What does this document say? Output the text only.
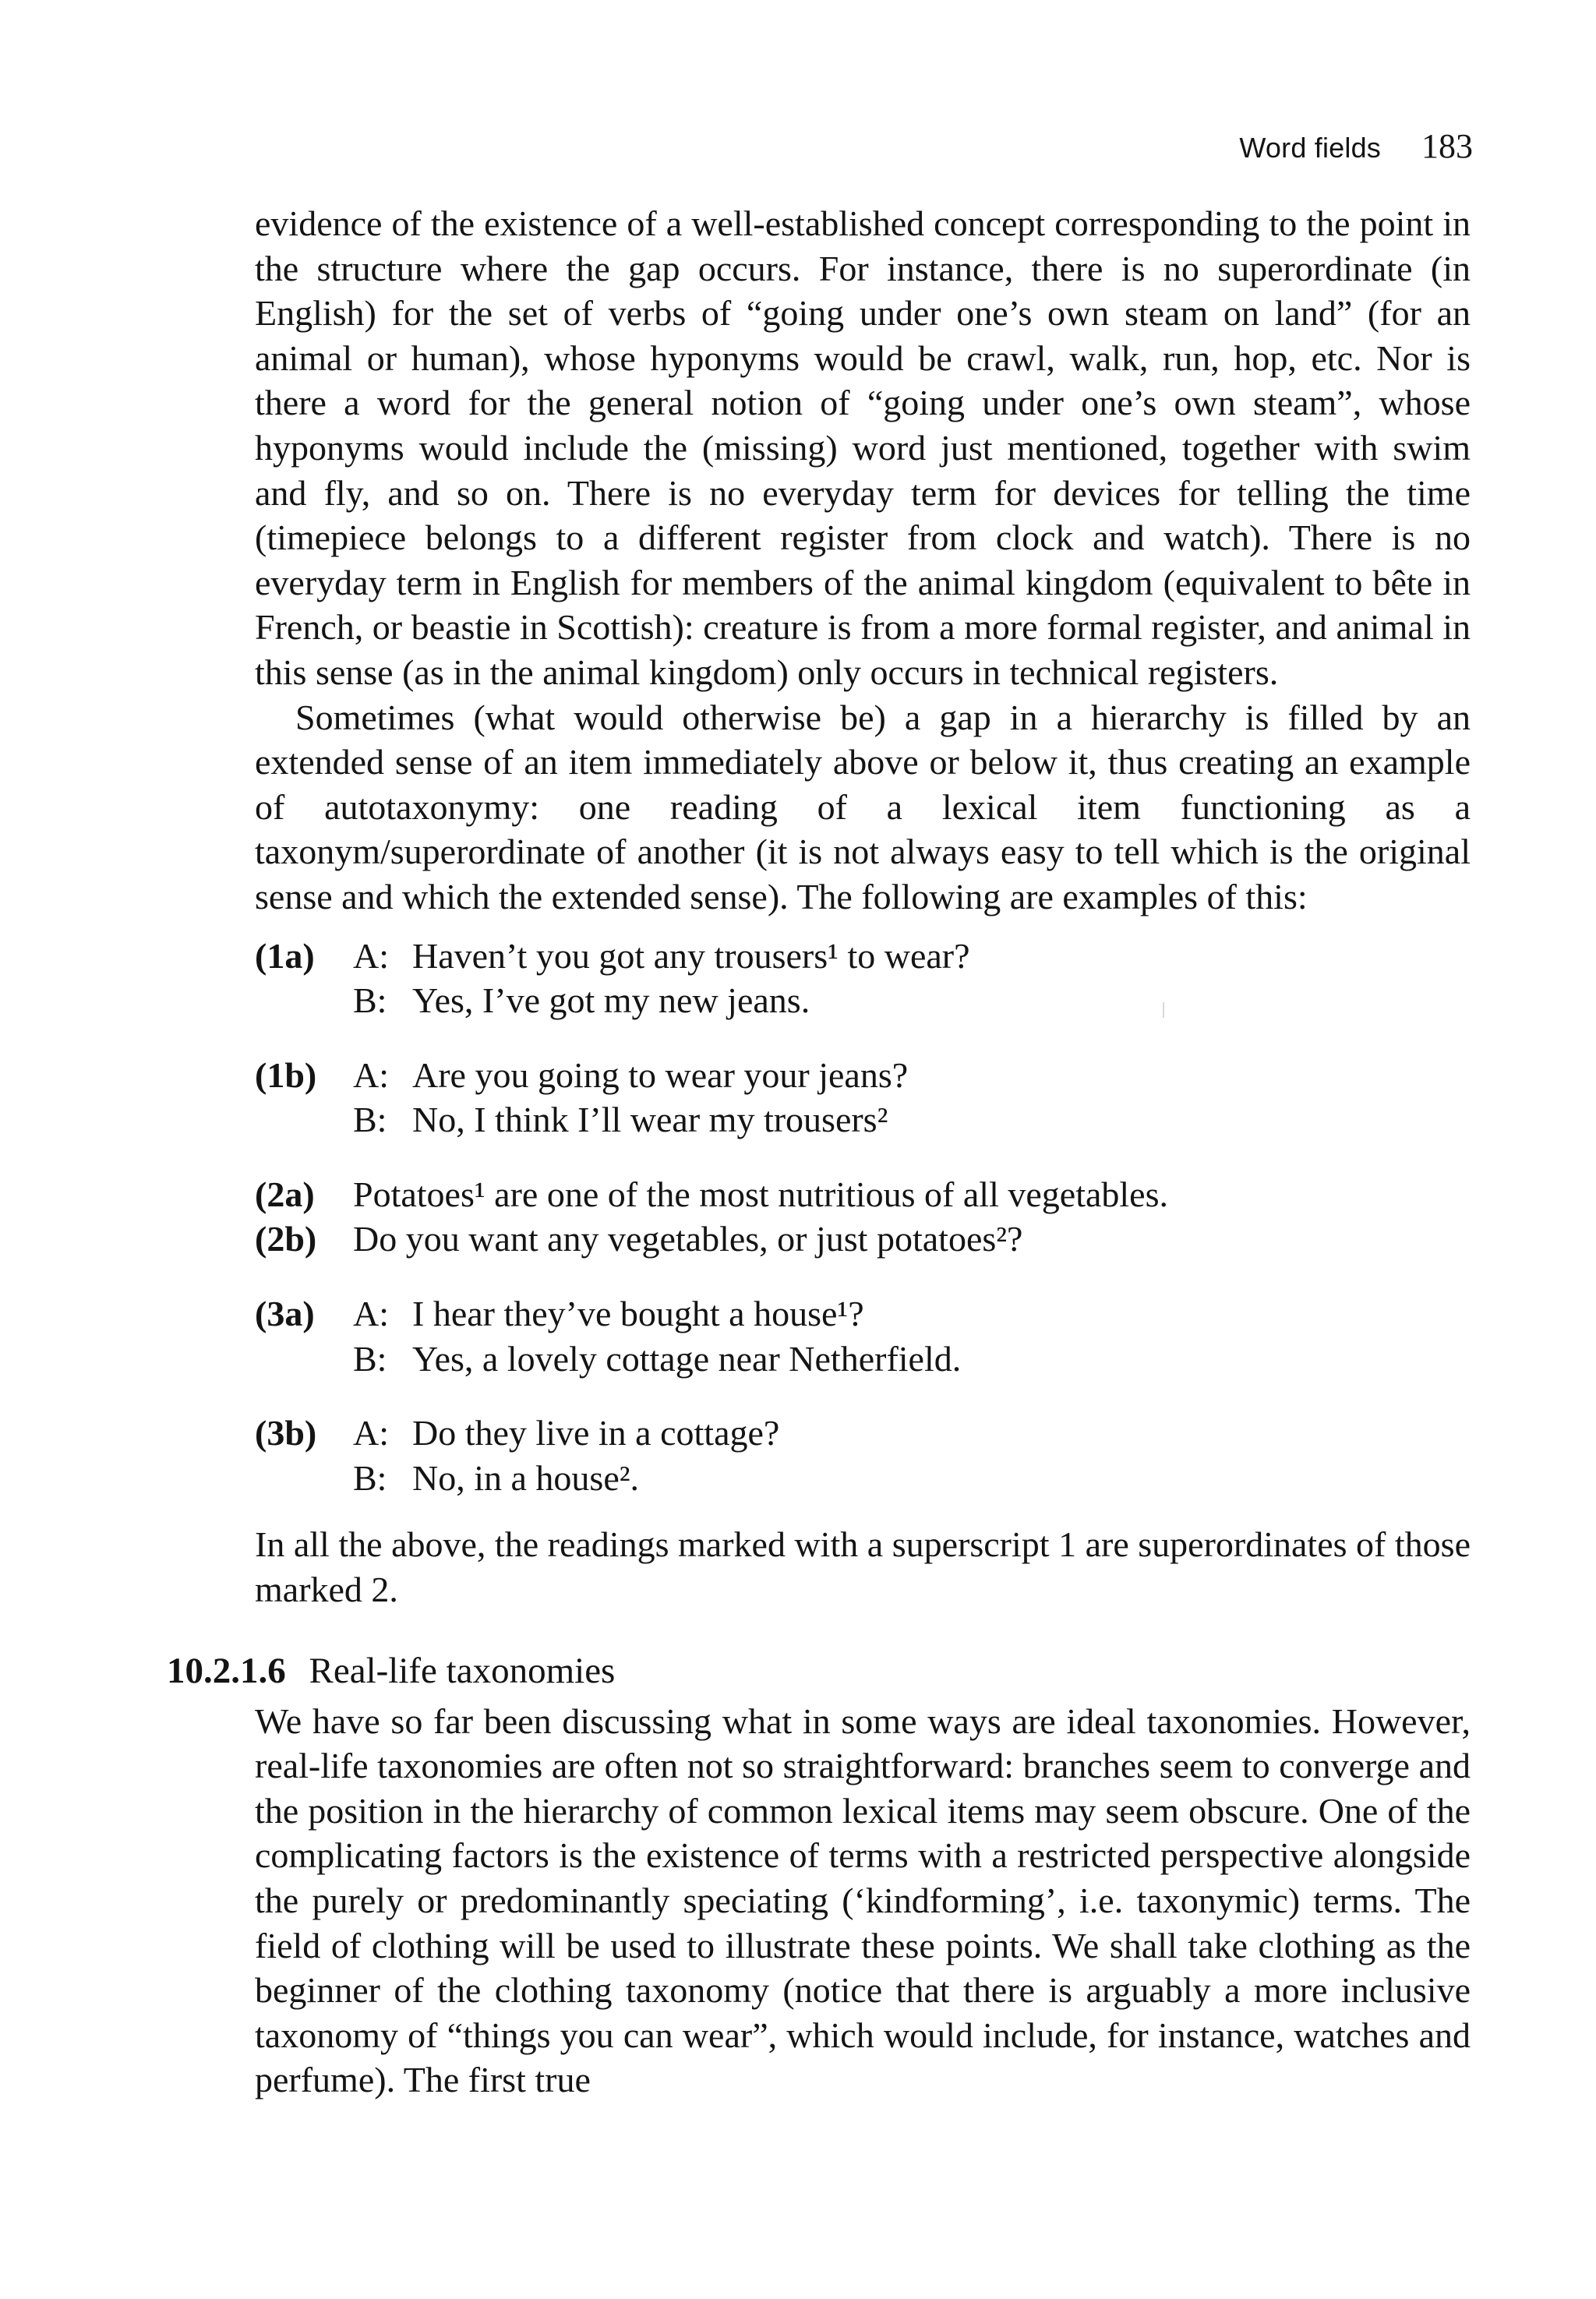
Word fields 183

evidence of the existence of a well-established concept corresponding to the point in the structure where the gap occurs. For instance, there is no superordinate (in English) for the set of verbs of “going under one’s own steam on land” (for an animal or human), whose hyponyms would be crawl, walk, run, hop, etc. Nor is there a word for the general notion of “going under one’s own steam”, whose hyponyms would include the (missing) word just mentioned, together with swim and fly, and so on. There is no everyday term for devices for telling the time (timepiece belongs to a different register from clock and watch). There is no everyday term in English for members of the animal kingdom (equivalent to bête in French, or beastie in Scottish): creature is from a more formal register, and animal in this sense (as in the animal kingdom) only occurs in technical registers.

Sometimes (what would otherwise be) a gap in a hierarchy is filled by an extended sense of an item immediately above or below it, thus creating an example of autotaxonymy: one reading of a lexical item functioning as a taxonym/superordinate of another (it is not always easy to tell which is the original sense and which the extended sense). The following are examples of this:

(1a)	A: Haven’t you got any trousers¹ to wear?
B: Yes, I’ve got my new jeans.
(1b)	A: Are you going to wear your jeans?
B: No, I think I’ll wear my trousers²
(2a)	Potatoes¹ are one of the most nutritious of all vegetables.
(2b)	Do you want any vegetables, or just potatoes²?
(3a)	A: I hear they’ve bought a house¹?
B: Yes, a lovely cottage near Netherfield.
(3b)	A: Do they live in a cottage?
B: No, in a house².

In all the above, the readings marked with a superscript 1 are superordinates of those marked 2.

10.2.1.6 Real-life taxonomies

We have so far been discussing what in some ways are ideal taxonomies. However, real-life taxonomies are often not so straightforward: branches seem to converge and the position in the hierarchy of common lexical items may seem obscure. One of the complicating factors is the existence of terms with a restricted perspective alongside the purely or predominantly speciating (‘kindforming’, i.e. taxonymic) terms. The field of clothing will be used to illustrate these points. We shall take clothing as the beginner of the clothing taxonomy (notice that there is arguably a more inclusive taxonomy of “things you can wear”, which would include, for instance, watches and perfume). The first true
